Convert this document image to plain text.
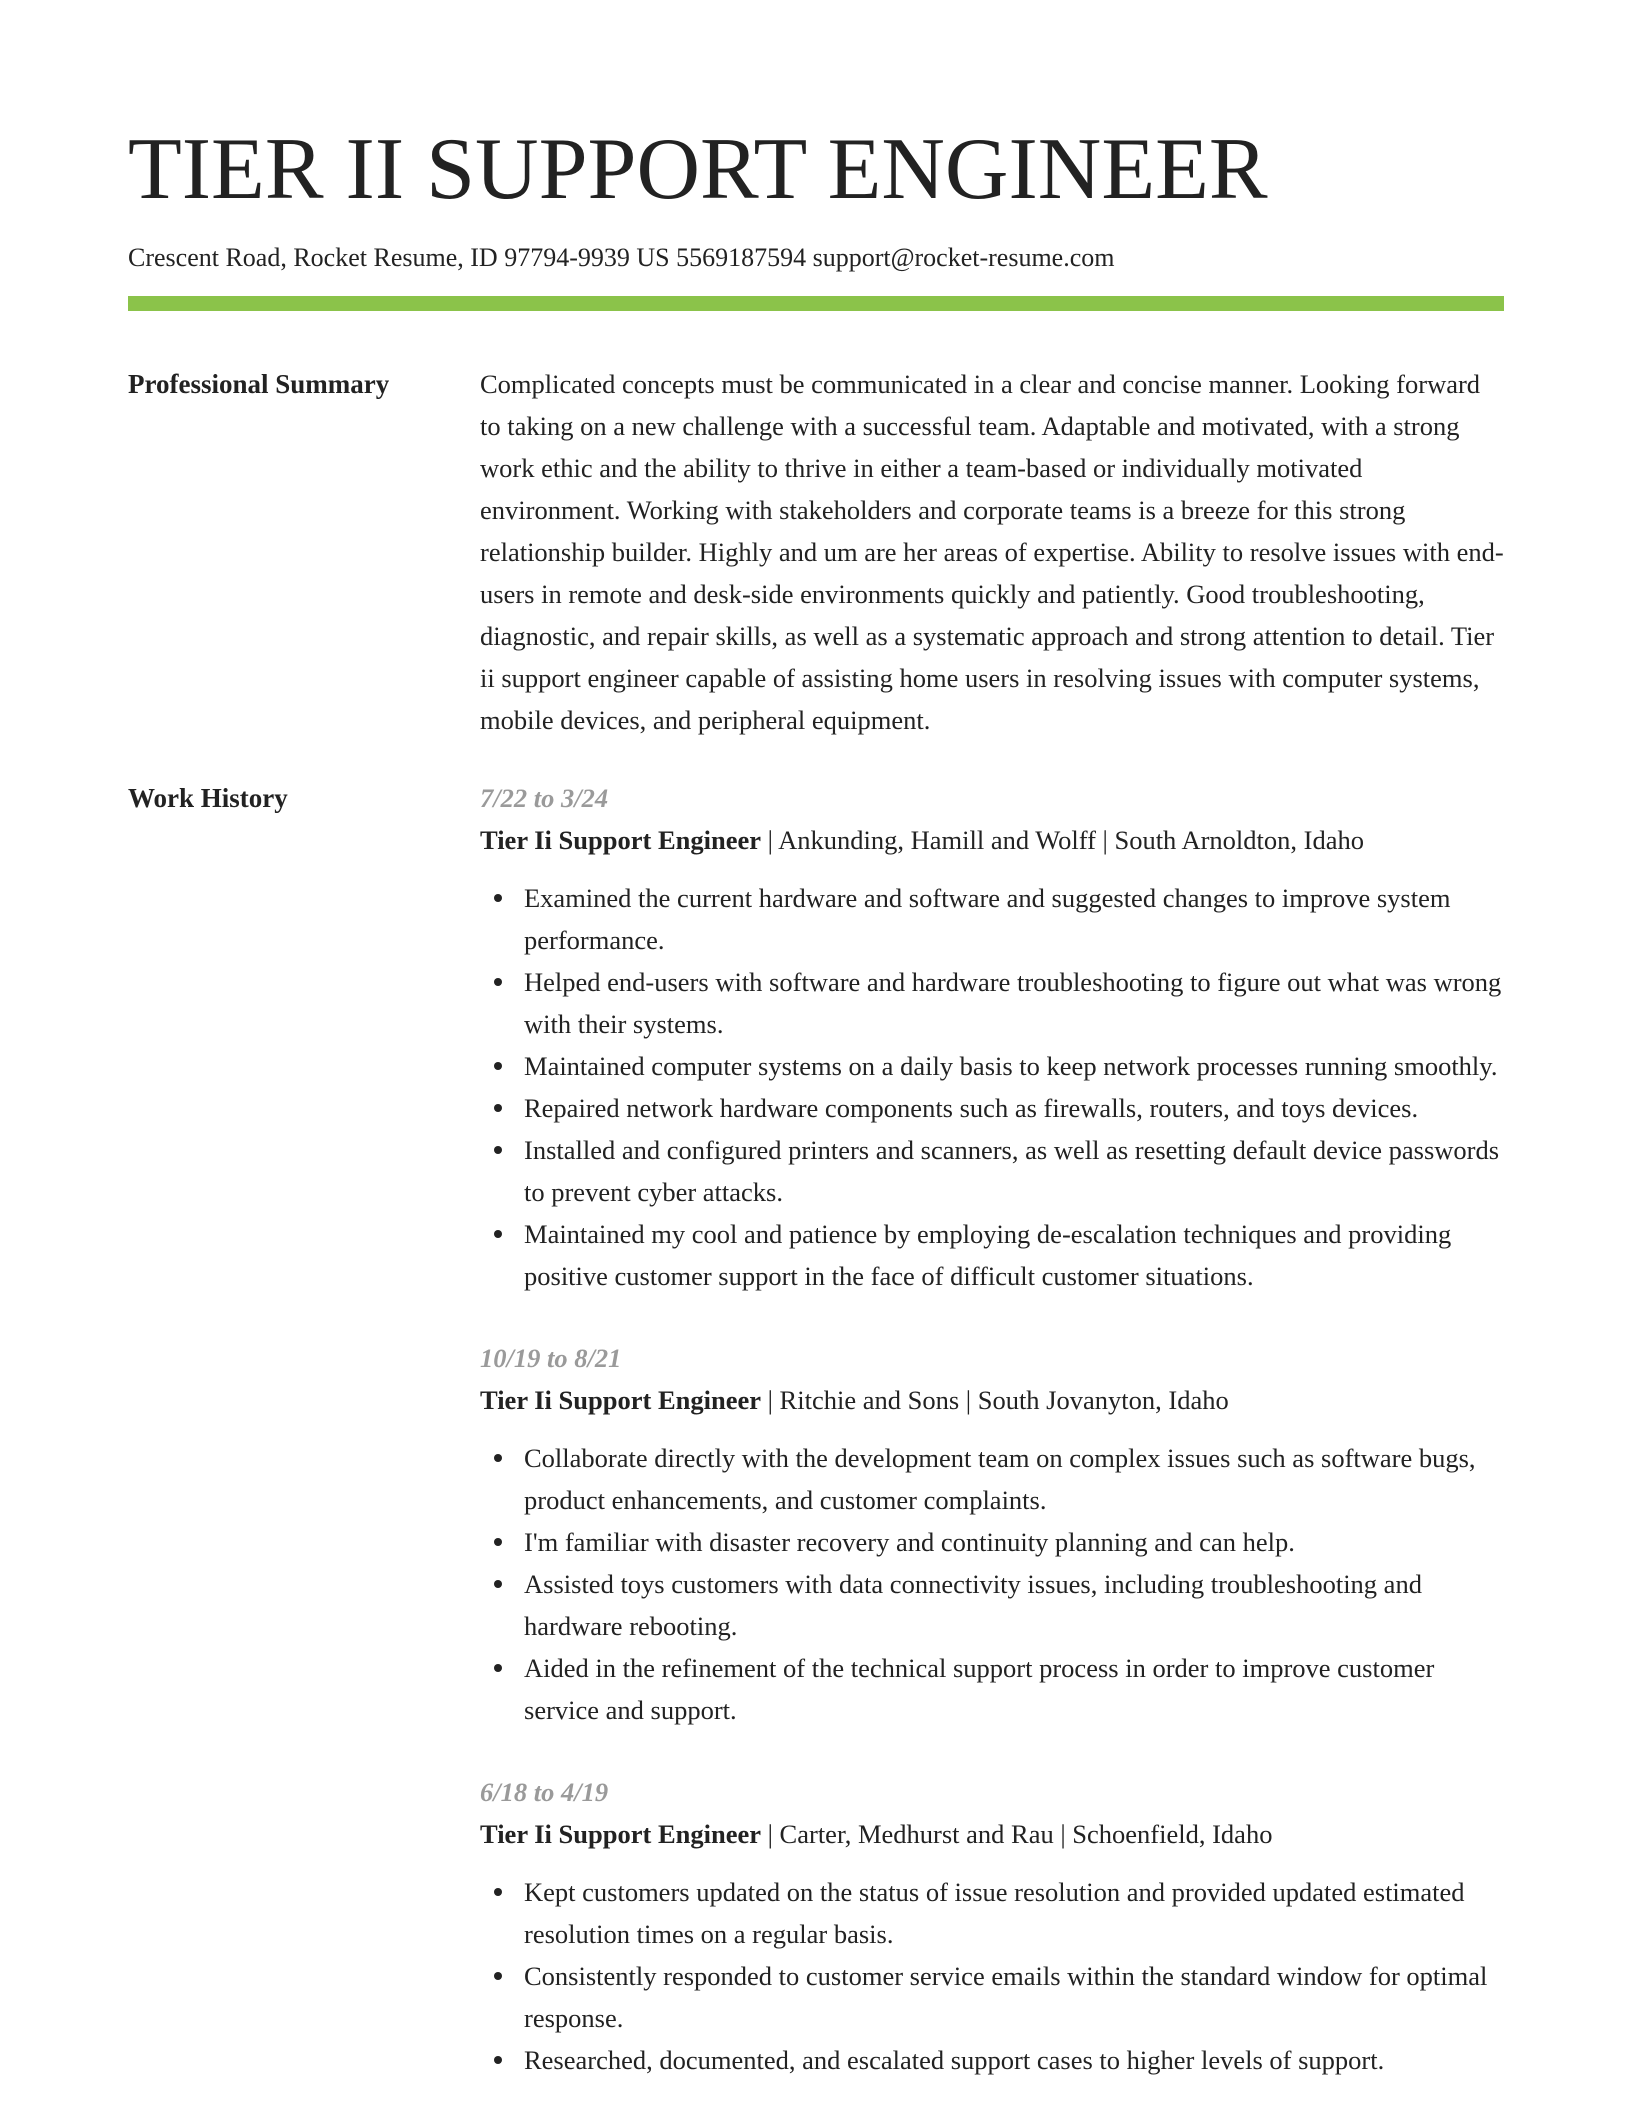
TIER II SUPPORT ENGINEER
Crescent Road, Rocket Resume, ID 97794-9939 US 5569187594 support@rocket-resume.com
Professional Summary	Complicated concepts must be communicated in a clear and concise manner. Looking forward to taking on a new challenge with a successful team. Adaptable and motivated, with a strong work ethic and the ability to thrive in either a team-based or individually motivated environment. Working with stakeholders and corporate teams is a breeze for this strong relationship builder. Highly and um are her areas of expertise. Ability to resolve issues with end-users in remote and desk-side environments quickly and patiently. Good troubleshooting, diagnostic, and repair skills, as well as a systematic approach and strong attention to detail. Tier ii support engineer capable of assisting home users in resolving issues with computer systems, mobile devices, and peripheral equipment.
Work History	7/22 to 3/24
Tier Ii Support Engineer | Ankunding, Hamill and Wolff | South Arnoldton, Idaho
Examined the current hardware and software and suggested changes to improve system performance.
Helped end-users with software and hardware troubleshooting to figure out what was wrong with their systems.
Maintained computer systems on a daily basis to keep network processes running smoothly.
Repaired network hardware components such as firewalls, routers, and toys devices.
Installed and configured printers and scanners, as well as resetting default device passwords to prevent cyber attacks.
Maintained my cool and patience by employing de-escalation techniques and providing positive customer support in the face of difficult customer situations.
10/19 to 8/21
Tier Ii Support Engineer | Ritchie and Sons | South Jovanyton, Idaho
Collaborate directly with the development team on complex issues such as software bugs, product enhancements, and customer complaints.
I'm familiar with disaster recovery and continuity planning and can help.
Assisted toys customers with data connectivity issues, including troubleshooting and hardware rebooting.
Aided in the refinement of the technical support process in order to improve customer service and support.
6/18 to 4/19
Tier Ii Support Engineer | Carter, Medhurst and Rau | Schoenfield, Idaho
Kept customers updated on the status of issue resolution and provided updated estimated resolution times on a regular basis.
Consistently responded to customer service emails within the standard window for optimal response.
Researched, documented, and escalated support cases to higher levels of support.
